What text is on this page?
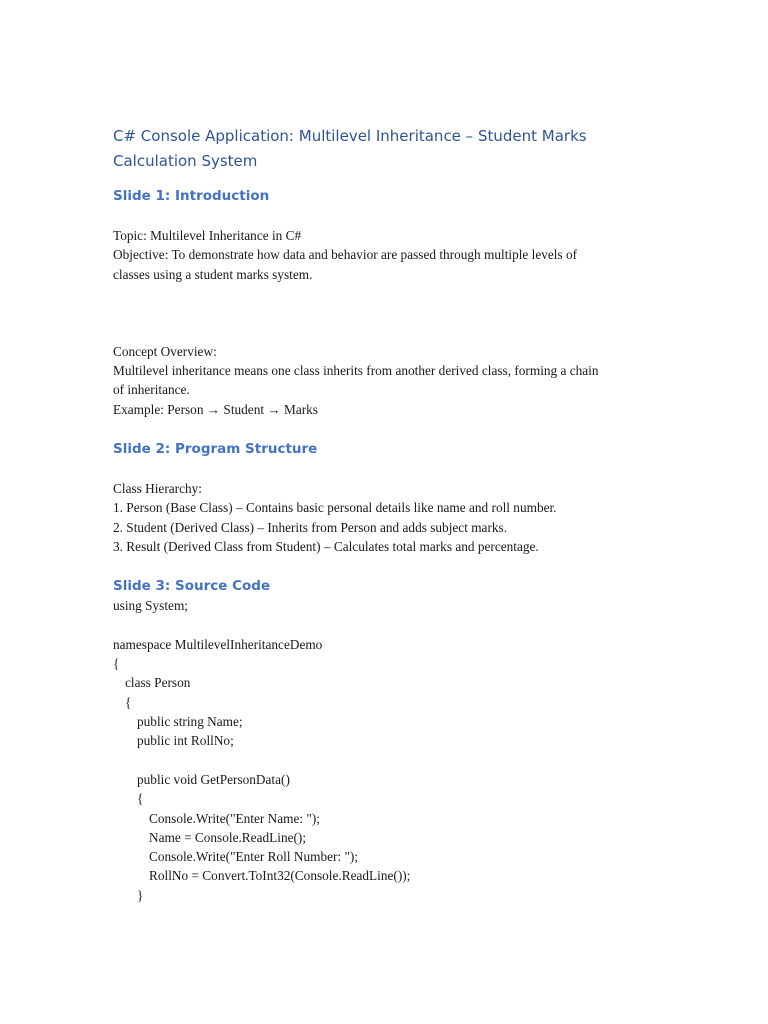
C# Console Application: Multilevel Inheritance – Student Marks
Calculation System
Slide 1: Introduction
Topic: Multilevel Inheritance in C#
Objective: To demonstrate how data and behavior are passed through multiple levels of
classes using a student marks system.
Concept Overview:
Multilevel inheritance means one class inherits from another derived class, forming a chain
of inheritance.
Example: Person → Student → Marks
Slide 2: Program Structure
Class Hierarchy:
1. Person (Base Class) – Contains basic personal details like name and roll number.
2. Student (Derived Class) – Inherits from Person and adds subject marks.
3. Result (Derived Class from Student) – Calculates total marks and percentage.
Slide 3: Source Code
using System;

namespace MultilevelInheritanceDemo
{
class Person
{
public string Name;
public int RollNo;

public void GetPersonData()
{
Console.Write("Enter Name: ");
Name = Console.ReadLine();
Console.Write("Enter Roll Number: ");
RollNo = Convert.ToInt32(Console.ReadLine());
}
